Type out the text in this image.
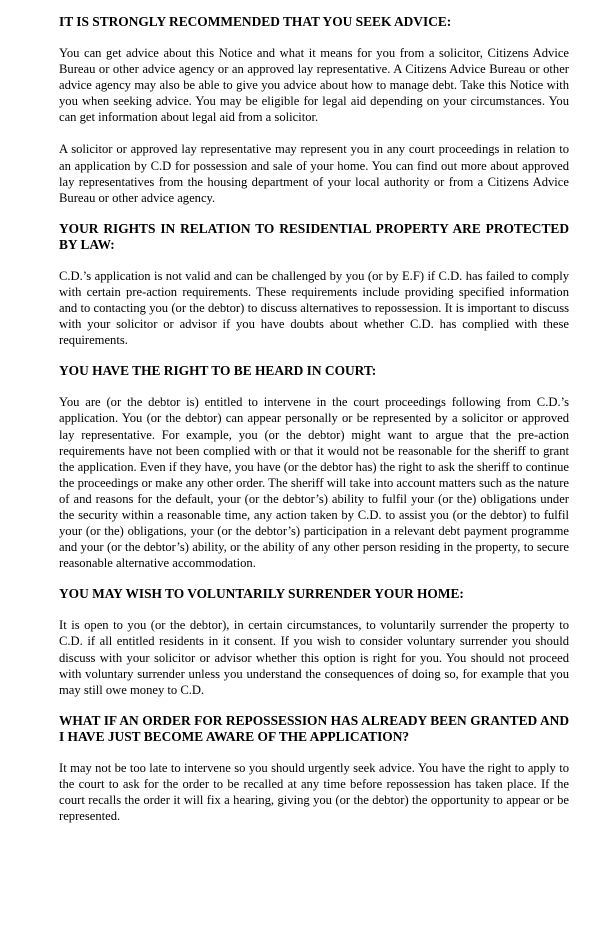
IT IS STRONGLY RECOMMENDED THAT YOU SEEK ADVICE:

You can get advice about this Notice and what it means for you from a solicitor, Citizens Advice Bureau or other advice agency or an approved lay representative. A Citizens Advice Bureau or other advice agency may also be able to give you advice about how to manage debt. Take this Notice with you when seeking advice. You may be eligible for legal aid depending on your circumstances. You can get information about legal aid from a solicitor.

A solicitor or approved lay representative may represent you in any court proceedings in relation to an application by C.D for possession and sale of your home. You can find out more about approved lay representatives from the housing department of your local authority or from a Citizens Advice Bureau or other advice agency.

YOUR RIGHTS IN RELATION TO RESIDENTIAL PROPERTY ARE PROTECTED BY LAW:

C.D.’s application is not valid and can be challenged by you (or by E.F) if C.D. has failed to comply with certain pre-action requirements. These requirements include providing specified information and to contacting you (or the debtor) to discuss alternatives to repossession. It is important to discuss with your solicitor or advisor if you have doubts about whether C.D. has complied with these requirements.

YOU HAVE THE RIGHT TO BE HEARD IN COURT:

You are (or the debtor is) entitled to intervene in the court proceedings following from C.D.’s application. You (or the debtor) can appear personally or be represented by a solicitor or approved lay representative. For example, you (or the debtor) might want to argue that the pre-action requirements have not been complied with or that it would not be reasonable for the sheriff to grant the application. Even if they have, you have (or the debtor has) the right to ask the sheriff to continue the proceedings or make any other order. The sheriff will take into account matters such as the nature of and reasons for the default, your (or the debtor’s) ability to fulfil your (or the) obligations under the security within a reasonable time, any action taken by C.D. to assist you (or the debtor) to fulfil your (or the) obligations, your (or the debtor’s) participation in a relevant debt payment programme and your (or the debtor’s) ability, or the ability of any other person residing in the property, to secure reasonable alternative accommodation.

YOU MAY WISH TO VOLUNTARILY SURRENDER YOUR HOME:

It is open to you (or the debtor), in certain circumstances, to voluntarily surrender the property to C.D. if all entitled residents in it consent. If you wish to consider voluntary surrender you should discuss with your solicitor or advisor whether this option is right for you. You should not proceed with voluntary surrender unless you understand the consequences of doing so, for example that you may still owe money to C.D.

WHAT IF AN ORDER FOR REPOSSESSION HAS ALREADY BEEN GRANTED AND I HAVE JUST BECOME AWARE OF THE APPLICATION?

It may not be too late to intervene so you should urgently seek advice. You have the right to apply to the court to ask for the order to be recalled at any time before repossession has taken place. If the court recalls the order it will fix a hearing, giving you (or the debtor) the opportunity to appear or be represented.
